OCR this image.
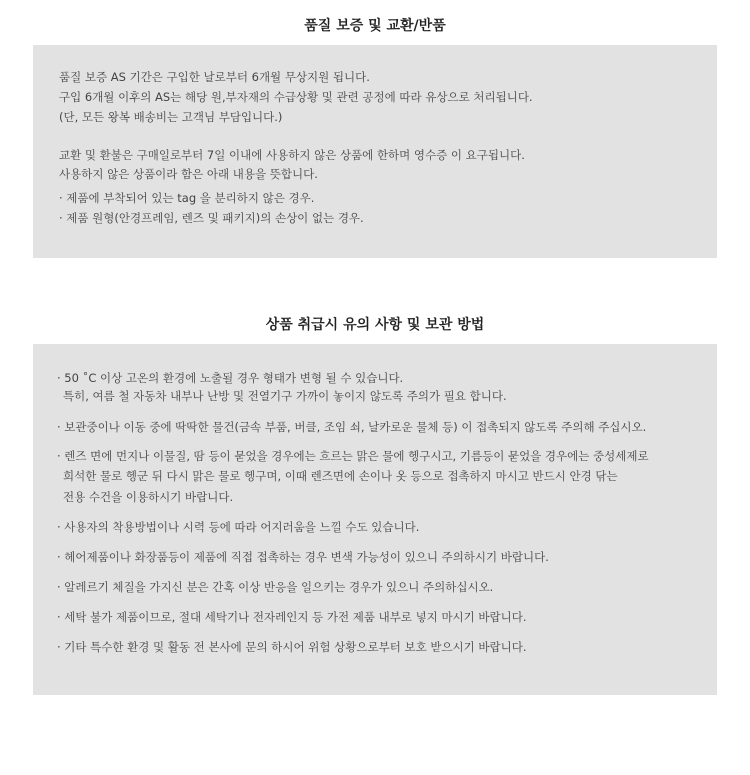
품질 보증 및 교환/반품

품질 보증 AS 기간은 구입한 날로부터 6개월 무상지원 됩니다.

구입 6개월 이후의 AS는 해당 원,부자재의 수급상황 및 관련 공정에 따라 유상으로 처리됩니다.

(단, 모든 왕복 배송비는 고객님 부담입니다.)

교환 및 환불은 구매일로부터 7일 이내에 사용하지 않은 상품에 한하며 영수증 이 요구됩니다.

사용하지 않은 상품이라 함은 아래 내용을 뜻합니다.

· 제품에 부착되어 있는 tag 을 분리하지 않은 경우.

· 제품 원형(안경프레임, 렌즈 및 패키지)의 손상이 없는 경우.

상품 취급시 유의 사항 및 보관 방법

· 50 ˚C 이상 고온의 환경에 노출될 경우 형태가 변형 될 수 있습니다.

특히, 여름 철 자동차 내부나 난방 및 전열기구 가까이 놓이지 않도록 주의가 필요 합니다.

· 보관중이나 이동 중에 딱딱한 물건(금속 부품, 버클, 조임 쇠, 날카로운 물체 등) 이 접촉되지 않도록 주의해 주십시오.

· 렌즈 면에 먼지나 이물질, 땀 등이 묻었을 경우에는 흐르는 맑은 물에 헹구시고, 기름등이 묻었을 경우에는 중성세제로

희석한 물로 헹군 뒤 다시 맑은 물로 헹구며, 이때 렌즈면에 손이나 옷 등으로 접촉하지 마시고 반드시 안경 닦는

전용 수건을 이용하시기 바랍니다.

· 사용자의 착용방법이나 시력 등에 따라 어지러움을 느낄 수도 있습니다.

· 헤어제품이나 화장품등이 제품에 직접 접촉하는 경우 변색 가능성이 있으니 주의하시기 바랍니다.

· 알레르기 체질을 가지신 분은 간혹 이상 반응을 일으키는 경우가 있으니 주의하십시오.

· 세탁 불가 제품이므로, 절대 세탁기나 전자레인지 등 가전 제품 내부로 넣지 마시기 바랍니다.

· 기타 특수한 환경 및 활동 전 본사에 문의 하시어 위험 상황으로부터 보호 받으시기 바랍니다.
